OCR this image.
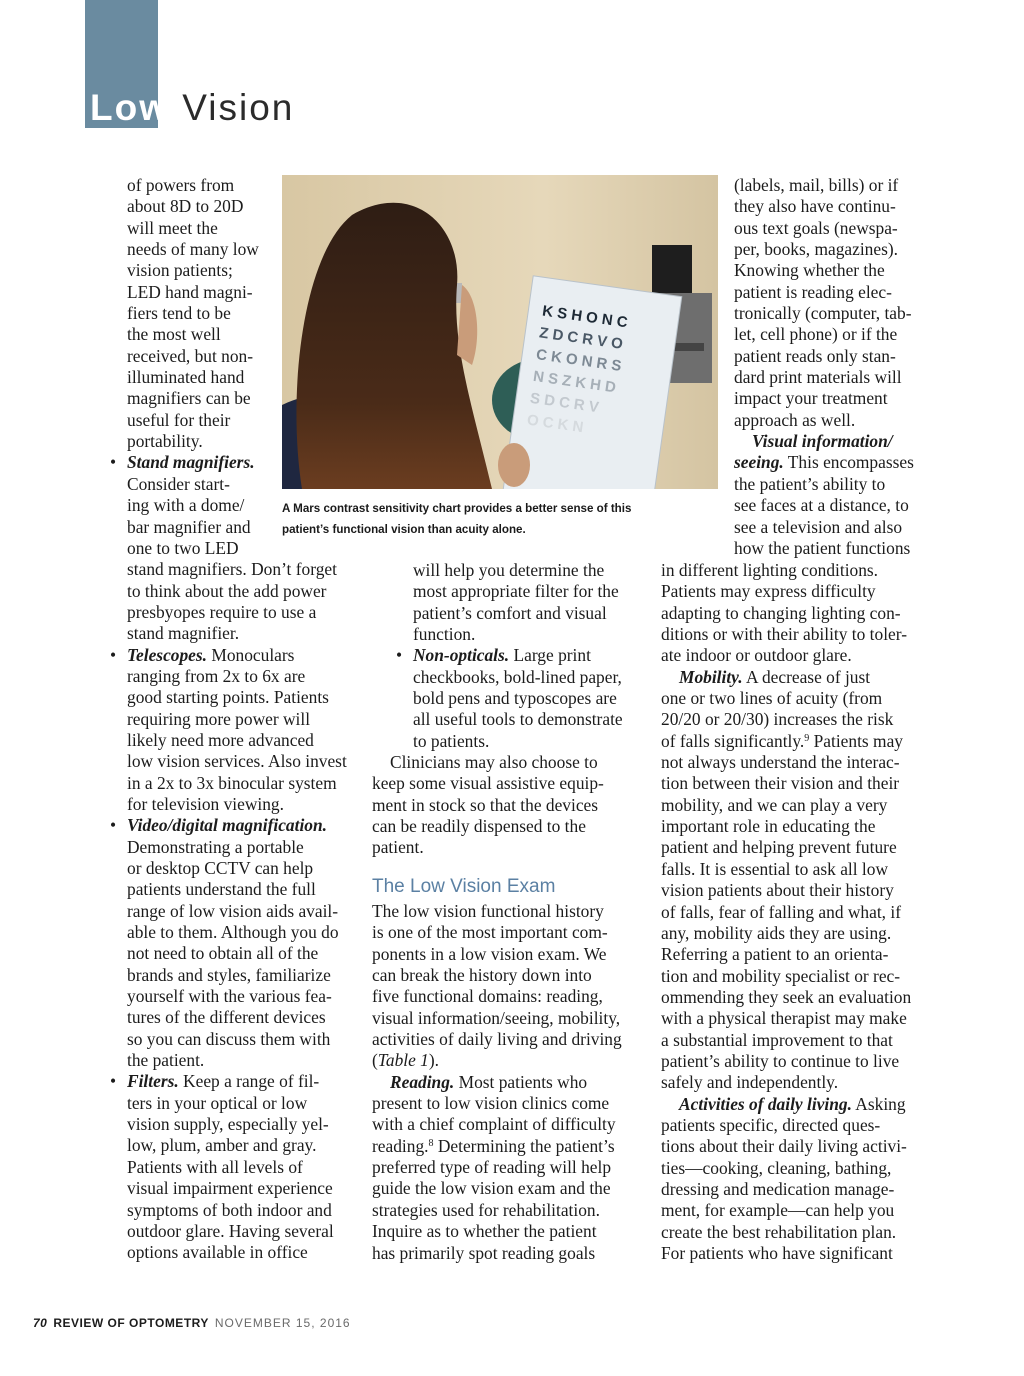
Low Vision
of powers from
about 8D to 20D
will meet the
needs of many low
vision patients;
LED hand magni-
fiers tend to be
the most well
received, but non-
illuminated hand
magnifiers can be
useful for their
portability.
• Stand magnifiers.
Consider start-
ing with a dome/
bar magnifier and
one to two LED
stand magnifiers. Don’t forget
to think about the add power
presbyopes require to use a
stand magnifier.
• Telescopes. Monoculars
ranging from 2x to 6x are
good starting points. Patients
requiring more power will
likely need more advanced
low vision services. Also invest
in a 2x to 3x binocular system
for television viewing.
• Video/digital magnification.
Demonstrating a portable
or desktop CCTV can help
patients understand the full
range of low vision aids avail-
able to them. Although you do
not need to obtain all of the
brands and styles, familiarize
yourself with the various fea-
tures of the different devices
so you can discuss them with
the patient.
• Filters. Keep a range of fil-
ters in your optical or low
vision supply, especially yel-
low, plum, amber and gray.
Patients with all levels of
visual impairment experience
symptoms of both indoor and
outdoor glare. Having several
options available in office
K S H O N C
Z D C R V O
C K O N R S
N S Z K H D
S D C R V
O C K N
A Mars contrast sensitivity chart provides a better sense of this
patient’s functional vision than acuity alone.
(labels, mail, bills) or if
they also have continu-
ous text goals (newspa-
per, books, magazines).
Knowing whether the
patient is reading elec-
tronically (computer, tab-
let, cell phone) or if the
patient reads only stan-
dard print materials will
impact your treatment
approach as well.
Visual information/
seeing. This encompasses
the patient’s ability to
see faces at a distance, to
see a television and also
how the patient functions
will help you determine the
most appropriate filter for the
patient’s comfort and visual
function.
• Non-opticals. Large print
checkbooks, bold-lined paper,
bold pens and typoscopes are
all useful tools to demonstrate
to patients.
Clinicians may also choose to
keep some visual assistive equip-
ment in stock so that the devices
can be readily dispensed to the
patient.
The Low Vision Exam
The low vision functional history
is one of the most important com-
ponents in a low vision exam. We
can break the history down into
five functional domains: reading,
visual information/seeing, mobility,
activities of daily living and driving
(Table 1).
Reading. Most patients who
present to low vision clinics come
with a chief complaint of difficulty
reading.$^8$ Determining the patient’s
preferred type of reading will help
guide the low vision exam and the
strategies used for rehabilitation.
Inquire as to whether the patient
has primarily spot reading goals
in different lighting conditions.
Patients may express difficulty
adapting to changing lighting con-
ditions or with their ability to toler-
ate indoor or outdoor glare.
Mobility. A decrease of just
one or two lines of acuity (from
20/20 or 20/30) increases the risk
of falls significantly.$^9$ Patients may
not always understand the interac-
tion between their vision and their
mobility, and we can play a very
important role in educating the
patient and helping prevent future
falls. It is essential to ask all low
vision patients about their history
of falls, fear of falling and what, if
any, mobility aids they are using.
Referring a patient to an orienta-
tion and mobility specialist or rec-
ommending they seek an evaluation
with a physical therapist may make
a substantial improvement to that
patient’s ability to continue to live
safely and independently.
Activities of daily living. Asking
patients specific, directed ques-
tions about their daily living activi-
ties—cooking, cleaning, bathing,
dressing and medication manage-
ment, for example—can help you
create the best rehabilitation plan.
For patients who have significant
70 REVIEW OF OPTOMETRY NOVEMBER 15, 2016
